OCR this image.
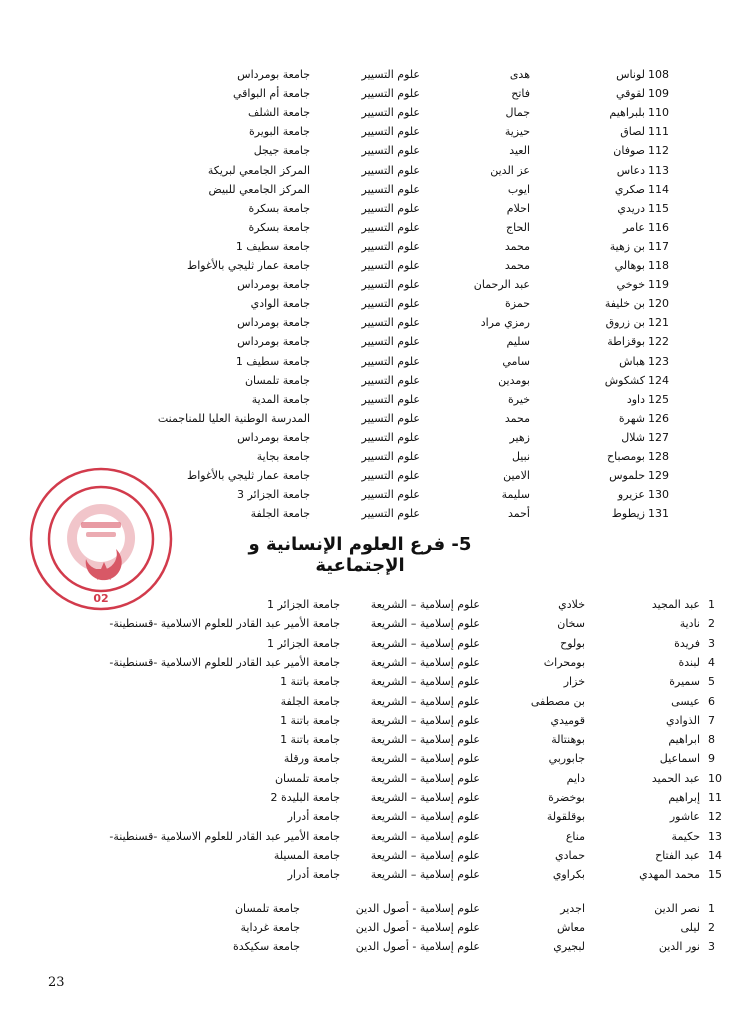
108
لوناس
هدى
علوم التسيير
جامعة بومرداس
109
لقوقي
فاتح
علوم التسيير
جامعة أم البواقي
110
بلبراهيم
جمال
علوم التسيير
جامعة الشلف
111
لصاق
حيزية
علوم التسيير
جامعة البويرة
112
صوفان
العيد
علوم التسيير
جامعة جيجل
113
دعاس
عز الدين
علوم التسيير
المركز الجامعي لبريكة
114
صكري
ايوب
علوم التسيير
المركز الجامعي للبيض
115
دريدي
احلام
علوم التسيير
جامعة بسكرة
116
عامر
الحاج
علوم التسيير
جامعة بسكرة
117
بن زهية
محمد
علوم التسيير
جامعة سطيف 1
118
بوهالي
محمد
علوم التسيير
جامعة عمار ثليجي بالأغواط
119
خوخي
عبد الرحمان
علوم التسيير
جامعة بومرداس
120
بن خليفة
حمزة
علوم التسيير
جامعة الوادي
121
بن زروق
رمزي مراد
علوم التسيير
جامعة بومرداس
122
بوقزاطة
سليم
علوم التسيير
جامعة بومرداس
123
هباش
سامي
علوم التسيير
جامعة سطيف 1
124
كشكوش
بومدين
علوم التسيير
جامعة تلمسان
125
داود
خيرة
علوم التسيير
جامعة المدية
126
شهرة
محمد
علوم التسيير
المدرسة الوطنية العليا للمناجمنت
127
شلال
زهير
علوم التسيير
جامعة بومرداس
128
بومصباح
نبيل
علوم التسيير
جامعة بجاية
129
حلموس
الامين
علوم التسيير
جامعة عمار ثليجي بالأغواط
130
عزيرو
سليمة
علوم التسيير
جامعة الجزائر 3
131
زيطوط
أحمد
علوم التسيير
جامعة الجلفة
5- فرع العلوم الإنسانية و الإجتماعية
1
عبد المجيد
خلادي
علوم إسلامية – الشريعة
جامعة الجزائر 1
2
نادية
سخان
علوم إسلامية – الشريعة
جامعة الأمير عبد القادر للعلوم الاسلامية -قسنطينة-
3
فريدة
بولوح
علوم إسلامية – الشريعة
جامعة الجزائر 1
4
لبندة
بومحراث
علوم إسلامية – الشريعة
جامعة الأمير عبد القادر للعلوم الاسلامية -قسنطينة-
5
سميرة
خزار
علوم إسلامية – الشريعة
جامعة باتنة 1
6
عيسى
بن مصطفى
علوم إسلامية – الشريعة
جامعة الجلفة
7
الذوادي
قوميدي
علوم إسلامية – الشريعة
جامعة باتنة 1
8
ابراهيم
بوهنتالة
علوم إسلامية – الشريعة
جامعة باتنة 1
9
اسماعيل
جابوربي
علوم إسلامية – الشريعة
جامعة ورقلة
10
عبد الحميد
دايم
علوم إسلامية – الشريعة
جامعة تلمسان
11
إبراهيم
بوخضرة
علوم إسلامية – الشريعة
جامعة البليدة 2
12
عاشور
بوقلقولة
علوم إسلامية – الشريعة
جامعة أدرار
13
حكيمة
مناع
علوم إسلامية – الشريعة
جامعة الأمير عبد القادر للعلوم الاسلامية -قسنطينة-
14
عبد الفتاح
حمادي
علوم إسلامية – الشريعة
جامعة المسيلة
15
محمد المهدي
بكراوي
علوم إسلامية – الشريعة
جامعة أدرار
1
نصر الدين
اجدير
علوم إسلامية - أصول الدين
جامعة تلمسان
2
ليلى
معاش
علوم إسلامية - أصول الدين
جامعة غرداية
3
نور الدين
لبجيري
علوم إسلامية - أصول الدين
جامعة سكيكدة
02
23
